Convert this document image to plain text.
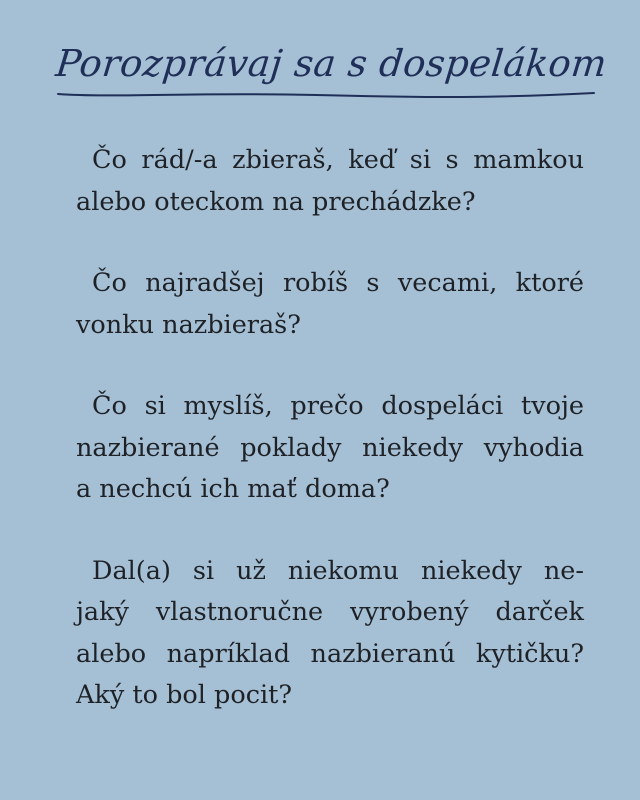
Porozprávaj sa s dospelákom

Čo rád/-a zbieraš, keď si s mamkou
alebo oteckom na prechádzke?

Čo najradšej robíš s vecami, ktoré
vonku nazbieraš?

Čo si myslíš, prečo dospeláci tvoje
nazbierané poklady niekedy vyhodia
a nechcú ich mať doma?

Dal(a) si už niekomu niekedy ne-
jaký vlastnoručne vyrobený darček
alebo napríklad nazbieranú kytičku?
Aký to bol pocit?
